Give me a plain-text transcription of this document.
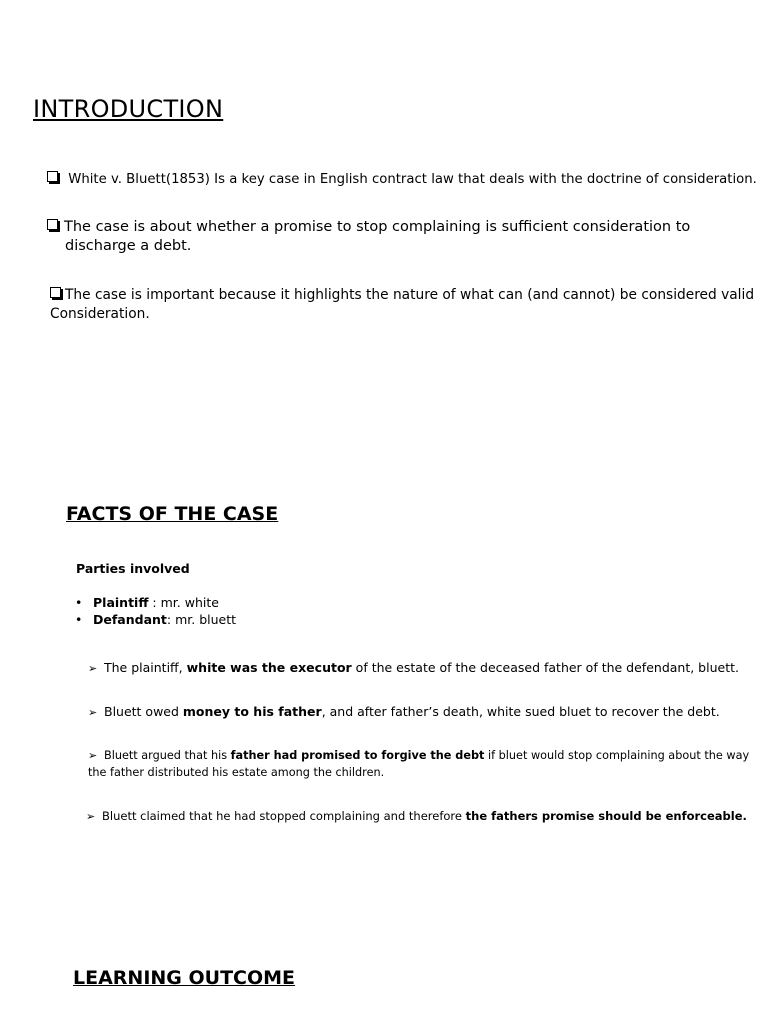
INTRODUCTION
White v. Bluett(1853) Is a key case in English contract law that deals with the doctrine of consideration.
The case is about whether a promise to stop complaining is sufficient consideration to
discharge a debt.
The case is important because it highlights the nature of what can (and cannot) be considered valid
Consideration.
FACTS OF THE CASE
Parties involved
• Plaintiff : mr. white
• Defandant: mr. bluett
➢ The plaintiff, white was the executor of the estate of the deceased father of the defendant, bluett.
➢ Bluett owed money to his father, and after father’s death, white sued bluet to recover the debt.
➢ Bluett argued that his father had promised to forgive the debt if bluet would stop complaining about the way
the father distributed his estate among the children.
➢ Bluett claimed that he had stopped complaining and therefore the fathers promise should be enforceable.
LEARNING OUTCOME
